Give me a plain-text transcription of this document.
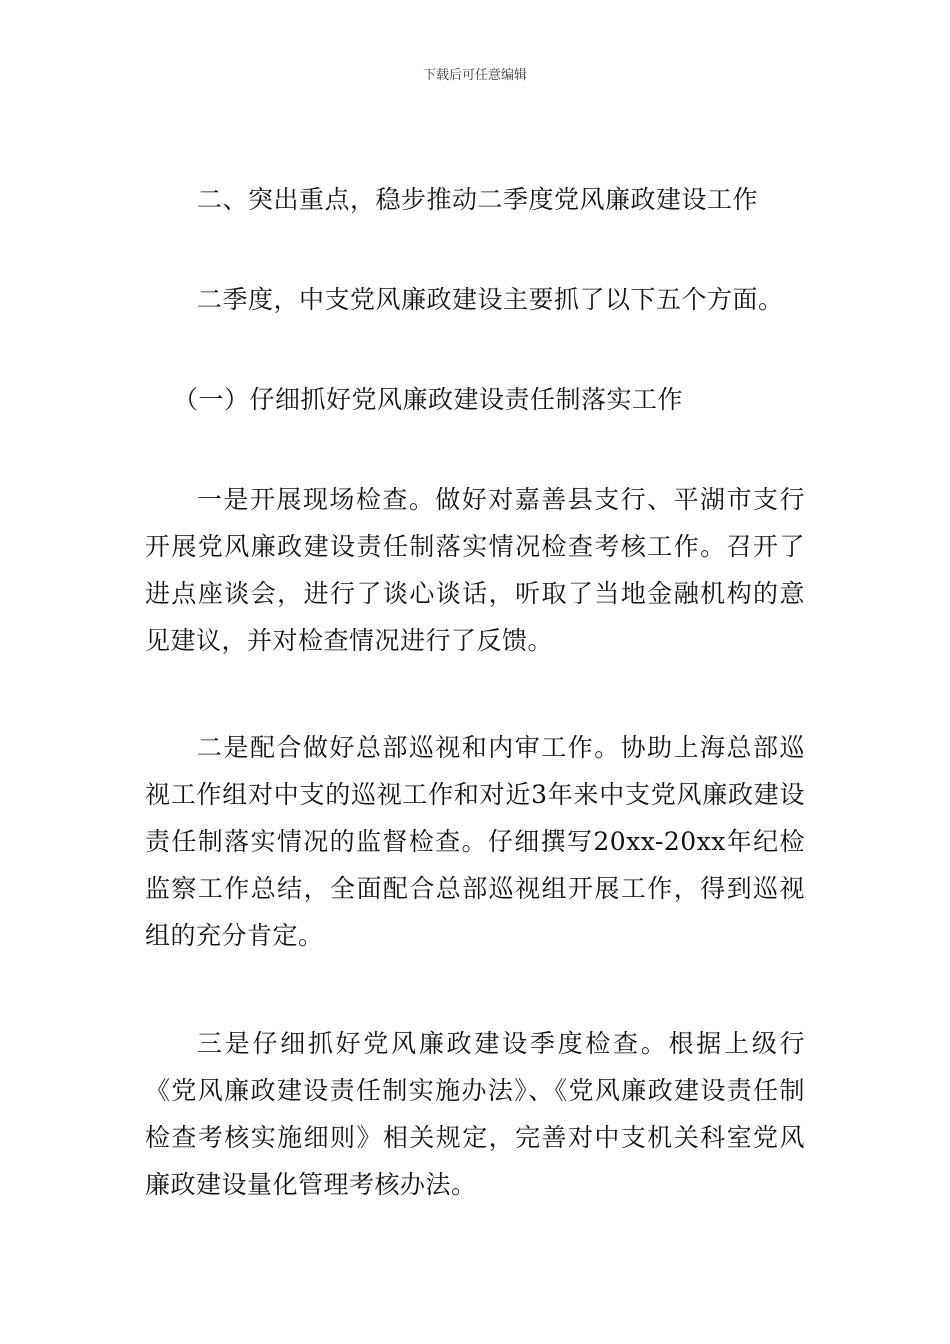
下载后可任意编辑
二、突出重点，稳步推动二季度党风廉政建设工作
二季度，中支党风廉政建设主要抓了以下五个方面。
（一）仔细抓好党风廉政建设责任制落实工作
一是开展现场检查。做好对嘉善县支行、平湖市支行开展党风廉政建设责任制落实情况检查考核工作。召开了进点座谈会，进行了谈心谈话，听取了当地金融机构的意见建议，并对检查情况进行了反馈。
二是配合做好总部巡视和内审工作。协助上海总部巡视工作组对中支的巡视工作和对近3年来中支党风廉政建设责任制落实情况的监督检查。仔细撰写20xx-20xx年纪检监察工作总结，全面配合总部巡视组开展工作，得到巡视组的充分肯定。
三是仔细抓好党风廉政建设季度检查。根据上级行《党风廉政建设责任制实施办法》、《党风廉政建设责任制检查考核实施细则》相关规定，完善对中支机关科室党风廉政建设量化管理考核办法。
